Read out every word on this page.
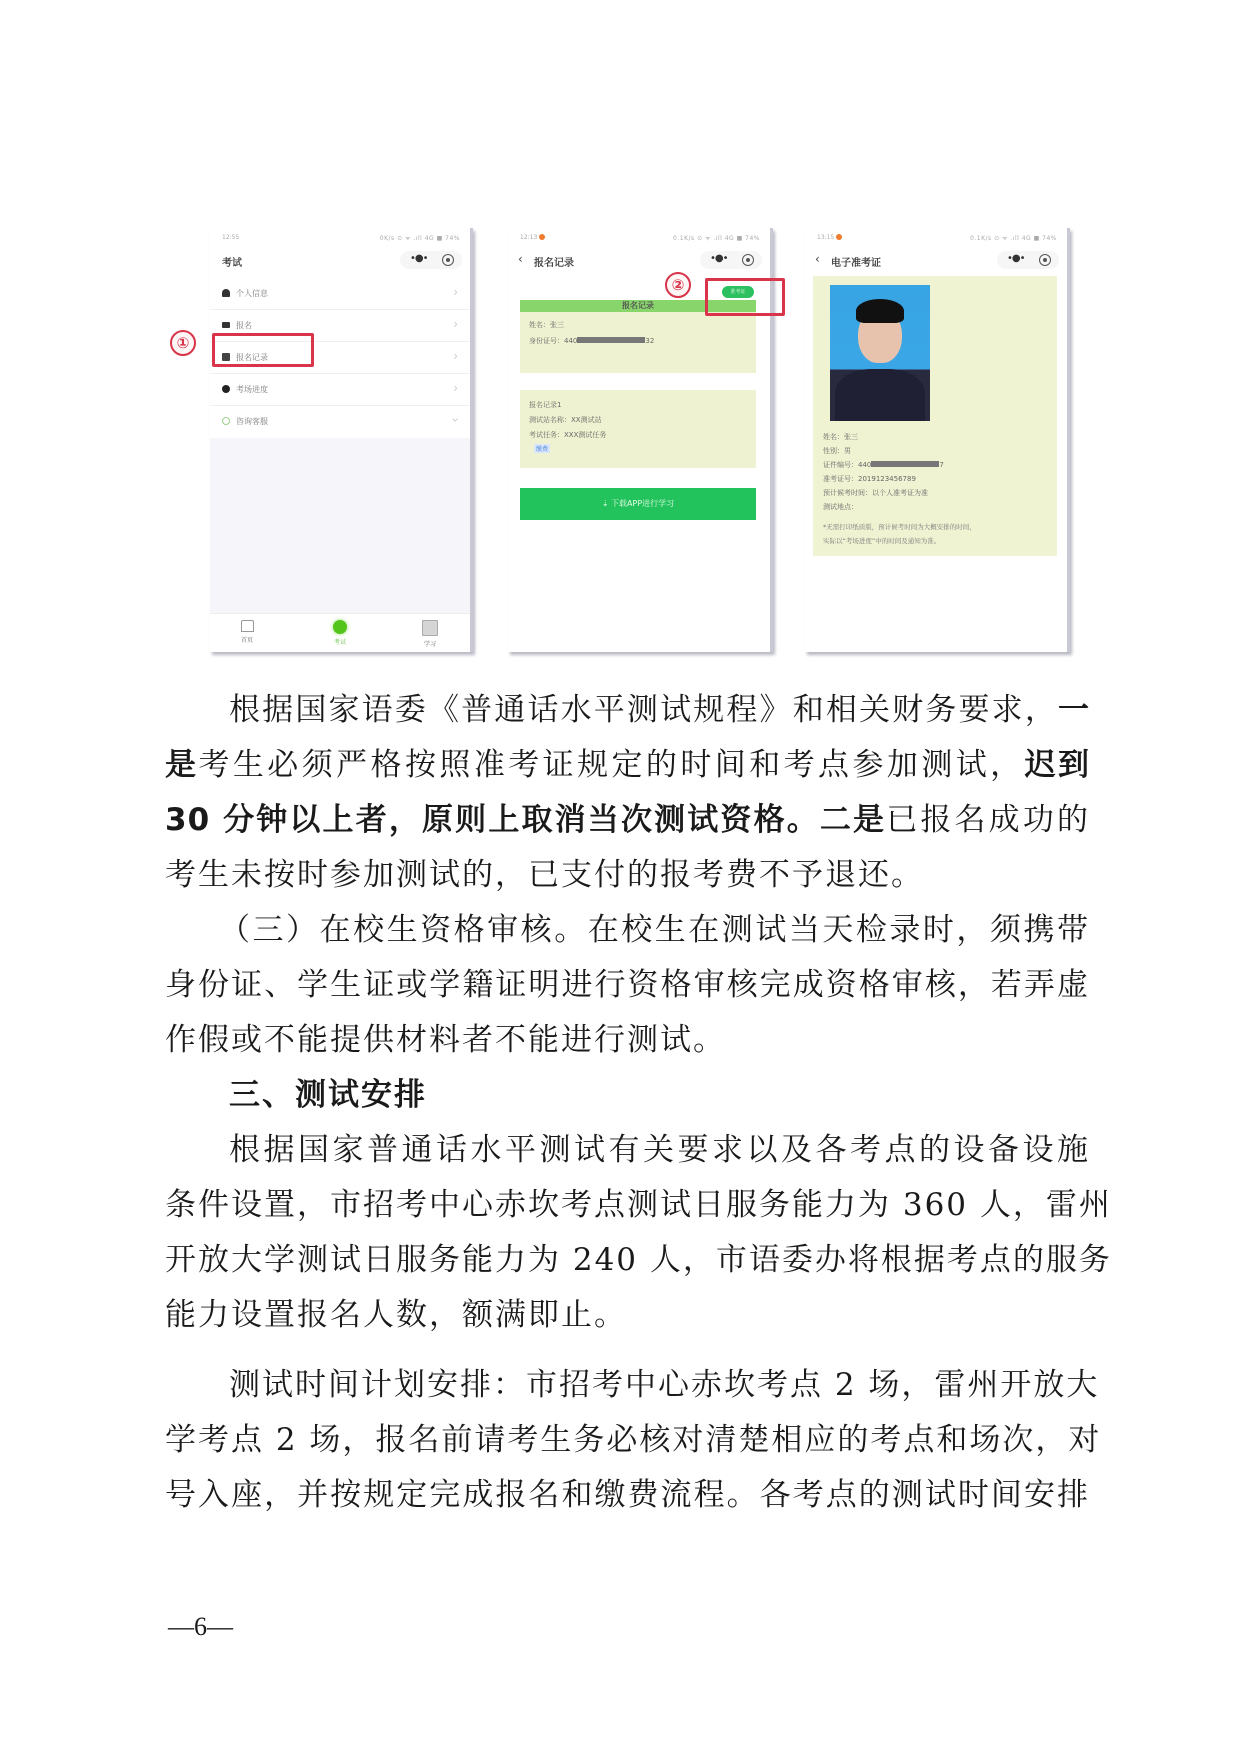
12:55	0K/s ⊙ ᯤ .ıll 4G ■ 74%
考试	•●•
个人信息	›
报名	›
报名记录	›
考场进度	›
咨询客服	›
首页	考试	学习
①
12:13	0.1K/s ⊙ ᯤ .ıll 4G ■ 74%
‹ 报名记录	•●•
准考证
报名记录
姓名：张三
身份证号：440	32
报名记录1
测试站名称：XX测试站
考试任务：XXX测试任务
缴费
⇣ 下载APP进行学习
②
13:15	0.1K/s ⊙ ᯤ .ıll 4G ■ 74%
‹ 电子准考证	•●•
姓名：张三
性别：男
证件编号：440	7
准考证号：2019123456789
预计候考时间：以个人准考证为准
测试地点：
*无需打印纸质版，预计候考时间为大概安排的时间，
实际以“考场进度”中的时间及通知为准。
根据国家语委《普通话水平测试规程》和相关财务要求，一
是考生必须严格按照准考证规定的时间和考点参加测试，迟到
30 分钟以上者，原则上取消当次测试资格。二是已报名成功的
考生未按时参加测试的，已支付的报考费不予退还。
（三）在校生资格审核。在校生在测试当天检录时，须携带
身份证、学生证或学籍证明进行资格审核完成资格审核，若弄虚
作假或不能提供材料者不能进行测试。
三、测试安排
根据国家普通话水平测试有关要求以及各考点的设备设施
条件设置，市招考中心赤坎考点测试日服务能力为 360 人，雷州
开放大学测试日服务能力为 240 人，市语委办将根据考点的服务
能力设置报名人数，额满即止。
测试时间计划安排：市招考中心赤坎考点 2 场，雷州开放大
学考点 2 场，报名前请考生务必核对清楚相应的考点和场次，对
号入座，并按规定完成报名和缴费流程。各考点的测试时间安排
—6—
